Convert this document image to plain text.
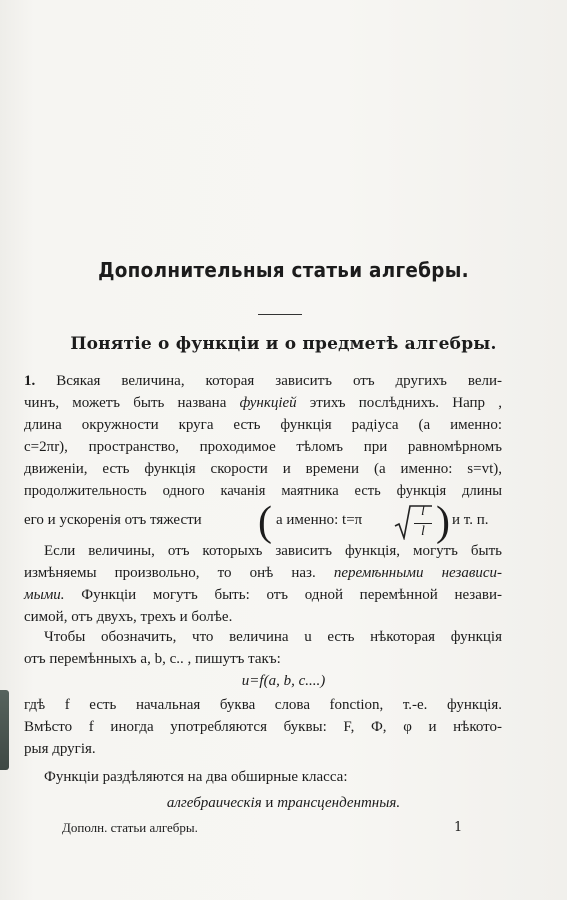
Дополнительныя статьи алгебры.
Понятіе о функціи и о предметѣ алгебры.
1. Всякая величина, которая зависитъ отъ другихъ вели-
чинъ, можетъ быть названа функціей этихъ послѣднихъ. Напр ,
длина окружности круга есть функція радіуса (а именно:
c=2πr), пространство, проходимое тѣломъ при равномѣрномъ
движеніи, есть функція скорости и времени (а именно: s=vt),
продолжительность одного качанія маятника есть функція длины
его и ускоренія отъ тяжести ( а именно: t=π
l
l ) и т. п.
Если величины, отъ которыхъ зависитъ функція, могутъ быть
измѣняемы произвольно, то онѣ наз. перемѣнными независи-
мыми. Функціи могутъ быть: отъ одной перемѣнной незави-
симой, отъ двухъ, трехъ и болѣе.
Чтобы обозначить, что величина u есть нѣкоторая функція
отъ перемѣнныхъ a, b, c.. , пишутъ такъ:
u=f(a, b, c....)
гдѣ f есть начальная буква слова fonction, т.-е. функція.
Вмѣсто f иногда употребляются буквы: F, Ф, φ и нѣкото-
рыя другія.
Функціи раздѣляются на два обширные класса:
алгебраическія и трансцендентныя.
Дополн. статьи алгебры.	1
